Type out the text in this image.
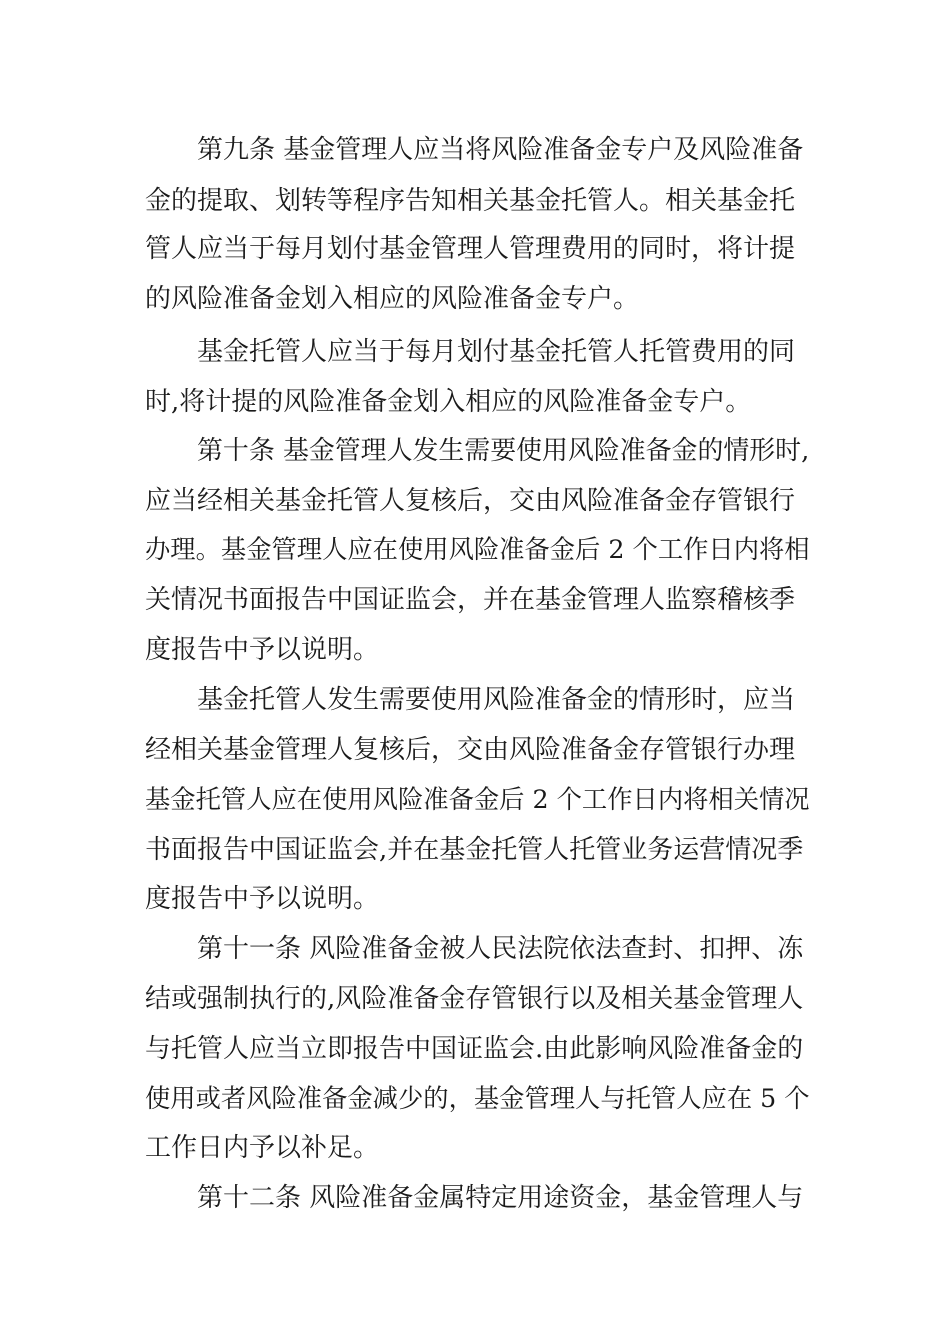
第九条 基金管理人应当将风险准备金专户及风险准备
金的提取、划转等程序告知相关基金托管人。相关基金托
管人应当于每月划付基金管理人管理费用的同时，将计提
的风险准备金划入相应的风险准备金专户。
基金托管人应当于每月划付基金托管人托管费用的同
时,将计提的风险准备金划入相应的风险准备金专户。
第十条 基金管理人发生需要使用风险准备金的情形时,
应当经相关基金托管人复核后，交由风险准备金存管银行
办理。基金管理人应在使用风险准备金后 2 个工作日内将相
关情况书面报告中国证监会，并在基金管理人监察稽核季
度报告中予以说明。
基金托管人发生需要使用风险准备金的情形时，应当
经相关基金管理人复核后，交由风险准备金存管银行办理
基金托管人应在使用风险准备金后 2 个工作日内将相关情况
书面报告中国证监会,并在基金托管人托管业务运营情况季
度报告中予以说明。
第十一条 风险准备金被人民法院依法查封、扣押、冻
结或强制执行的,风险准备金存管银行以及相关基金管理人
与托管人应当立即报告中国证监会.由此影响风险准备金的
使用或者风险准备金减少的，基金管理人与托管人应在 5 个
工作日内予以补足。
第十二条 风险准备金属特定用途资金，基金管理人与
